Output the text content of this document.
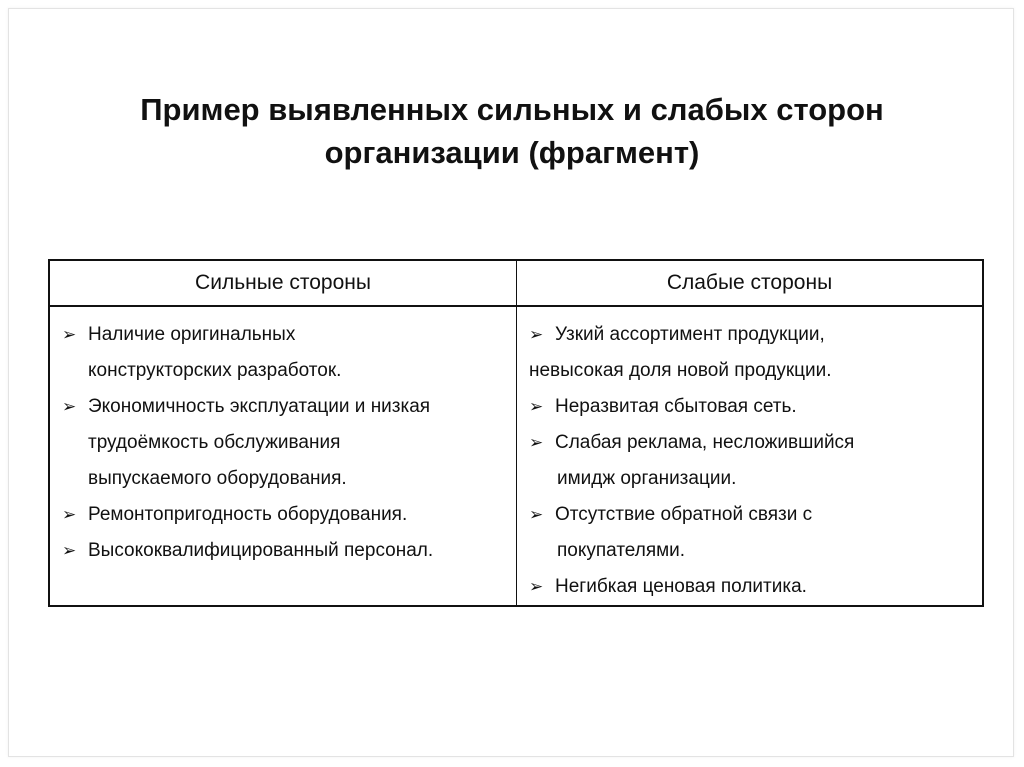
Пример выявленных сильных и слабых сторон
организации (фрагмент)
Сильные стороны	Слабые стороны
➢ Наличие оригинальных
конструкторских разработок.
➢ Экономичность эксплуатации и низкая
трудоёмкость обслуживания
выпускаемого оборудования.
➢ Ремонтопригодность оборудования.
➢ Высококвалифицированный персонал.
➢ Узкий ассортимент продукции,
невысокая доля новой продукции.
➢ Неразвитая сбытовая сеть.
➢ Слабая реклама, несложившийся
имидж организации.
➢ Отсутствие обратной связи с
покупателями.
➢ Негибкая ценовая политика.
